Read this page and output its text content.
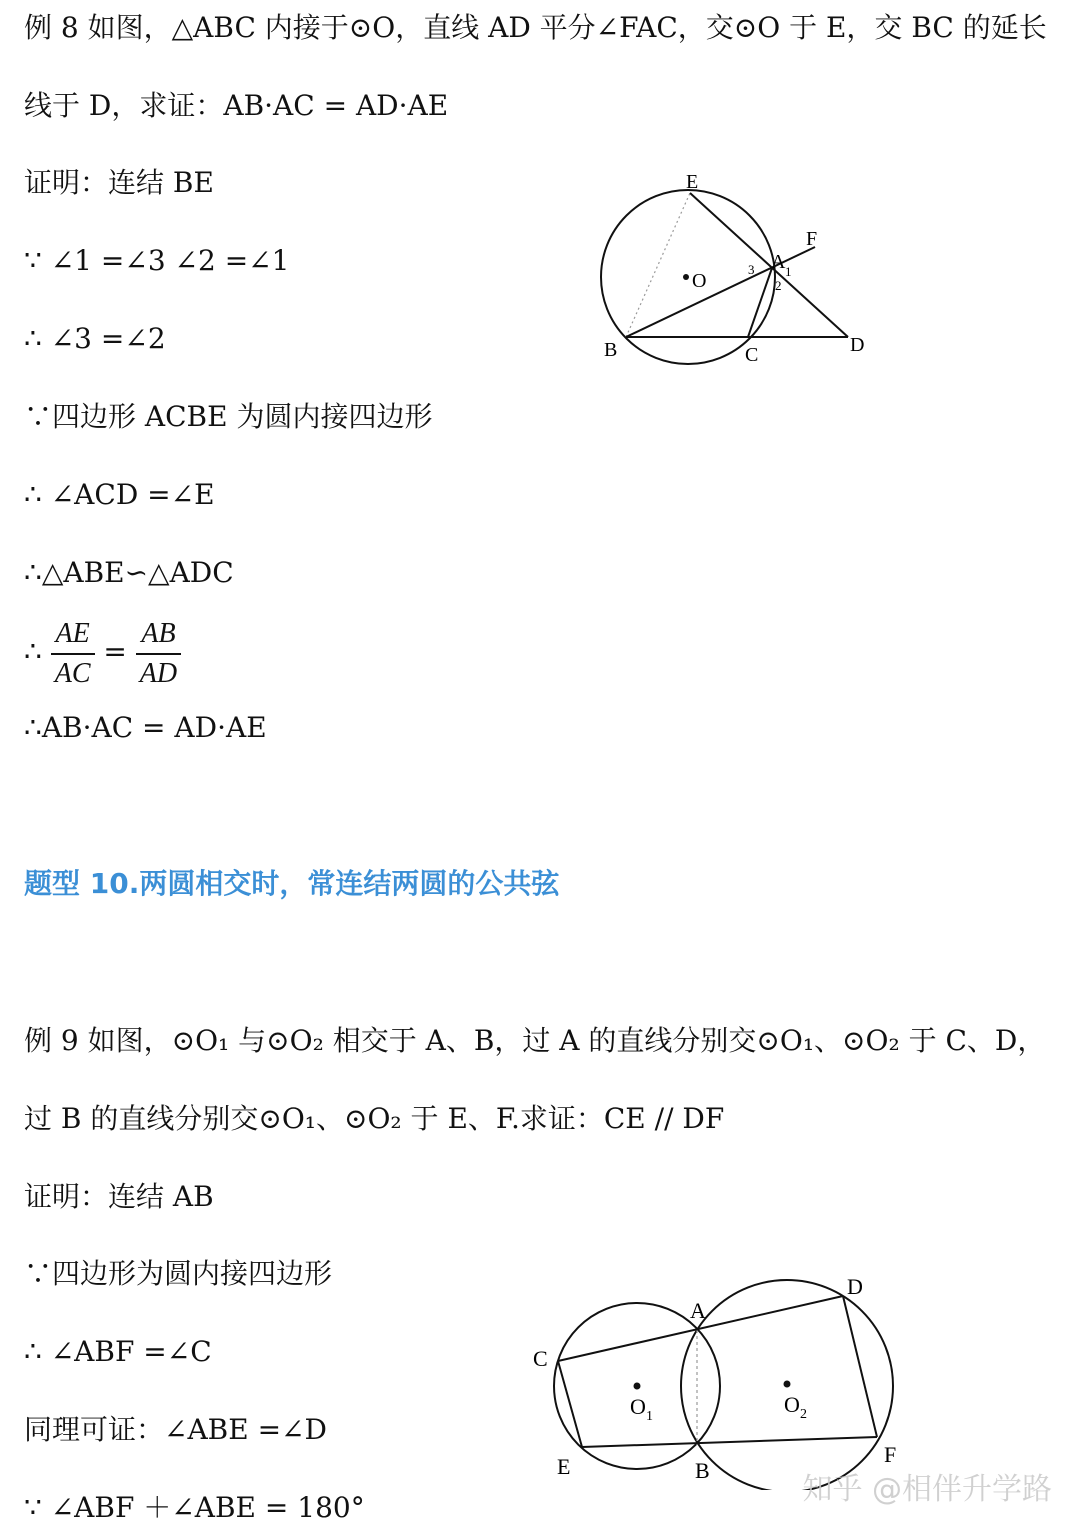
例 8 如图，△ABC 内接于⊙O，直线 AD 平分∠FAC，交⊙O 于 E，交 BC 的延长
线于 D，求证：AB·AC = AD·AE
证明：连结 BE
∵ ∠1 =∠3 ∠2 =∠1
∴ ∠3 =∠2
∵四边形 ACBE 为圆内接四边形
∴ ∠ACD =∠E
∴△ABE∽△ADC
∴ $\frac{AE}{AC} = \frac{AB}{AD}$
∴AB·AC = AD·AE
E
F
A
O
B	C	D
3 1
2
题型 10.两圆相交时，常连结两圆的公共弦
例 9 如图，⊙O₁ 与⊙O₂ 相交于 A、B，过 A 的直线分别交⊙O₁、⊙O₂ 于 C、D，
过 B 的直线分别交⊙O₁、⊙O₂ 于 E、F.求证：CE // DF
证明：连结 AB
∵四边形为圆内接四边形
∴ ∠ABF =∠C
同理可证：∠ABE =∠D
∵ ∠ABF ＋∠ABE = 180°
C
A
D
O 1	O 2
E	B
F
知乎 @相伴升学路
